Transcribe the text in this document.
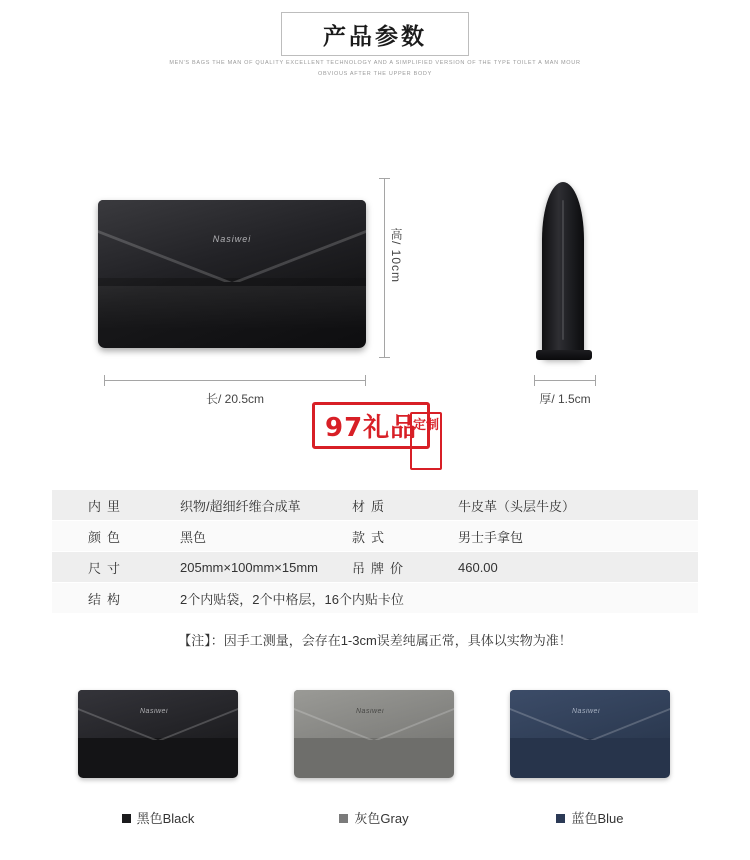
产品参数
MEN'S BAGS THE MAN OF QUALITY EXCELLENT TECHNOLOGY AND A SIMPLIFIED VERSION OF THE TYPE TOILET A MAN MOUR
OBVIOUS AFTER THE UPPER BODY
Nasiwei	高/ 10cm
长/ 20.5cm	厚/ 1.5cm
97礼品
定制
内里	织物/超细纤维合成革	材质	牛皮革（头层牛皮）
颜色	黑色	款式	男士手拿包
尺寸	205mm×100mm×15mm	吊牌价	460.00
结构	2个内贴袋，2个中格层，16个内贴卡位
【注】：因手工测量，会存在1-3cm误差纯属正常，具体以实物为准！
Nasiwei
黑色Black
Nasiwei
灰色Gray
Nasiwei
蓝色Blue
